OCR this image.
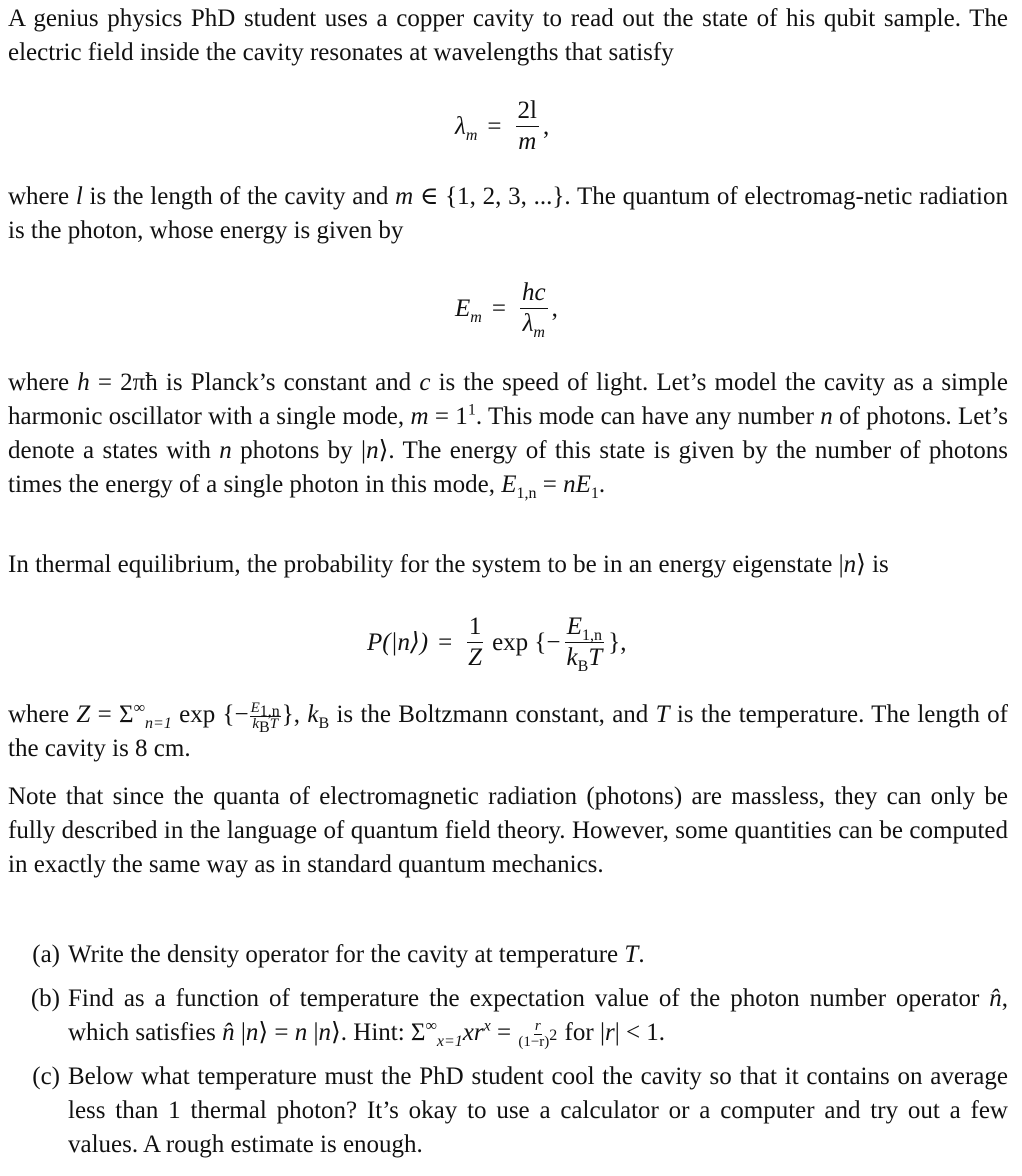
A genius physics PhD student uses a copper cavity to read out the state of his qubit sample. The electric field inside the cavity resonates at wavelengths that satisfy

$\lambda_m = \frac{2l}{m}$ ,

where l is the length of the cavity and m ∈ {1, 2, 3, ...}. The quantum of electromag-netic radiation is the photon, whose energy is given by

$E_m = \frac{hc}{\lambda_m}$ ,

where h = 2πħ is Planck’s constant and c is the speed of light. Let’s model the cavity as a simple harmonic oscillator with a single mode, $m = 1^1$. This mode can have any number n of photons. Let’s denote a states with n photons by |n⟩. The energy of this state is given by the number of photons times the energy of a single photon in this mode, $E_{1,n} = nE_1$.

In thermal equilibrium, the probability for the system to be in an energy eigenstate |n⟩ is

P(|n⟩) = $\frac{1}{Z}$ exp {− $\frac{E_{1,n}}{k_BT}$ },

where $Z = \Sigma^\infty_{n=1}$ exp {− $\frac{E_{1,n}}{k_BT}$ }, $k_B$ is the Boltzmann constant, and T is the temperature. The length of the cavity is 8 cm.

Note that since the quanta of electromagnetic radiation (photons) are massless, they can only be fully described in the language of quantum field theory. However, some quantities can be computed in exactly the same way as in standard quantum mechanics.

(a) Write the density operator for the cavity at temperature T.
(b) Find as a function of temperature the expectation value of the photon number operator n̂, which satisfies n̂ |n⟩ = n |n⟩. Hint: $\Sigma^\infty_{x=1}xr^x = \frac{r}{(1-r)^2}$ for |r| < 1.
(c) Below what temperature must the PhD student cool the cavity so that it contains on average less than 1 thermal photon? It’s okay to use a calculator or a computer and try out a few values. A rough estimate is enough.
